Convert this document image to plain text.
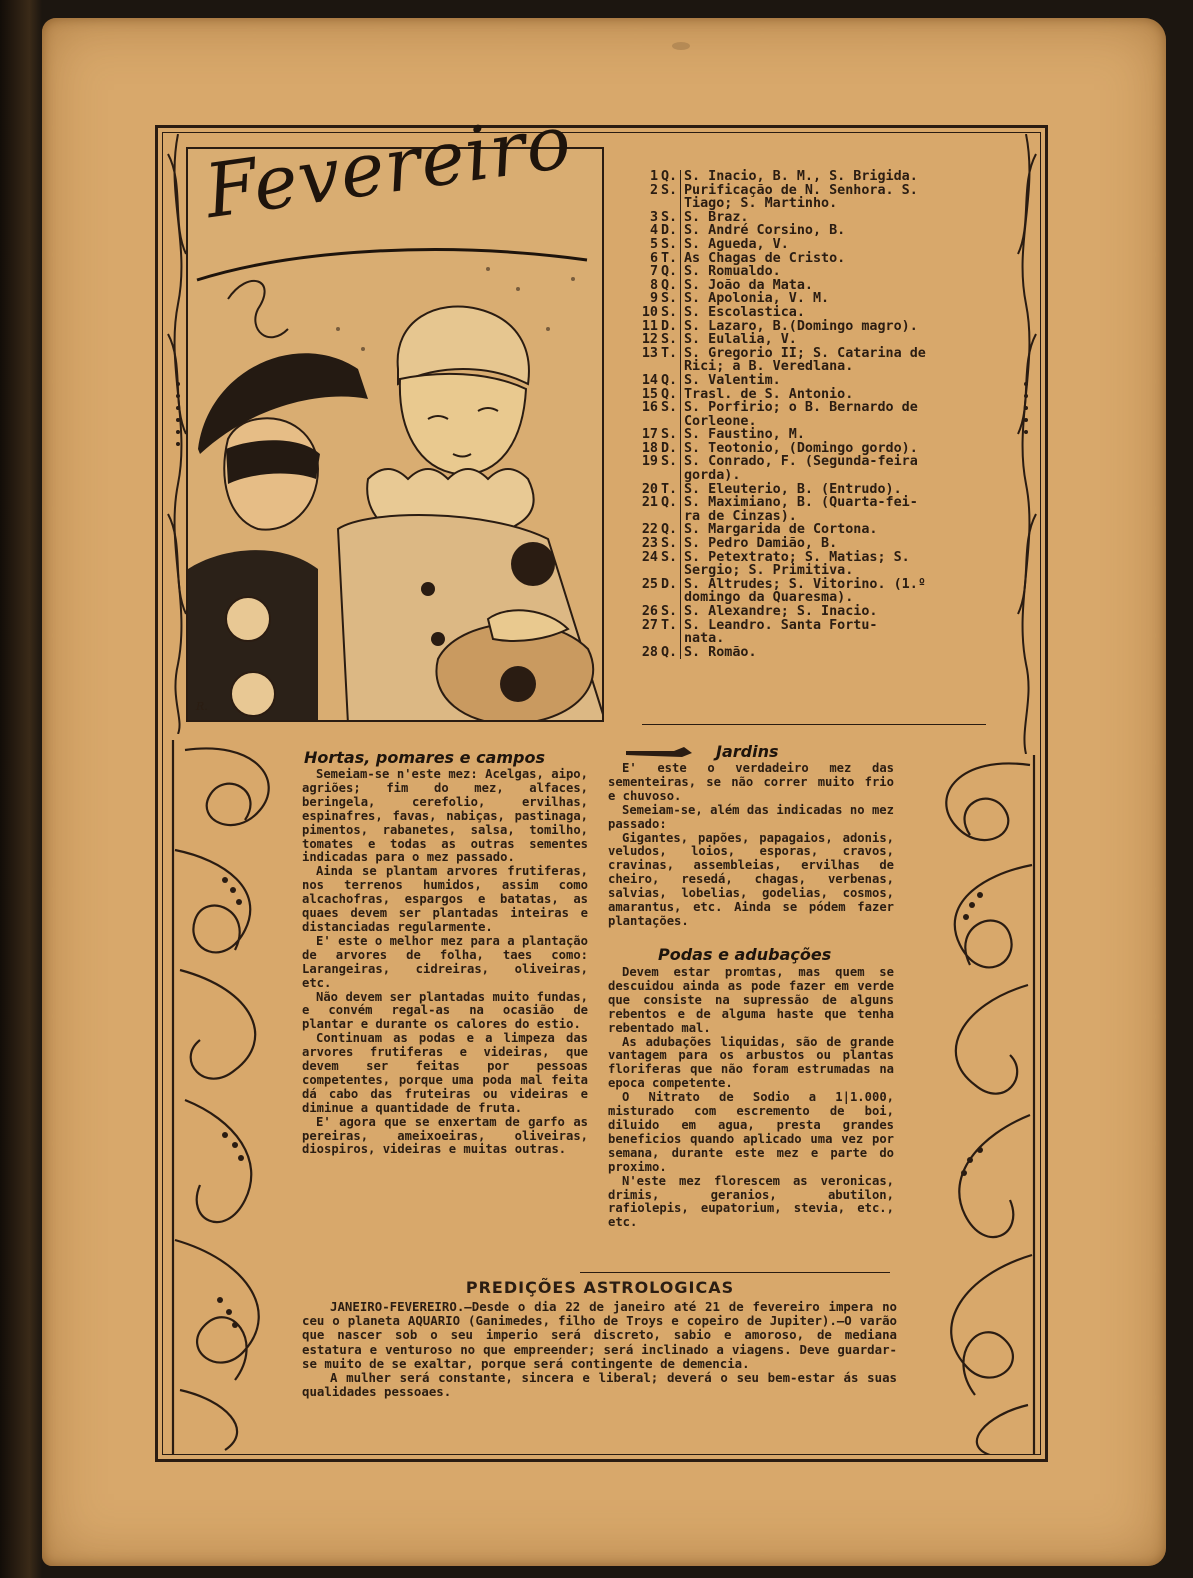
Fevereiro
R.
1 Q. S. Inacio, B. M., S. Brigida.
2 S. Purificação de N. Senhora. S.
Tiago; S. Martinho.
3 S. S. Braz.
4 D. S. André Corsino, B.
5 S. S. Agueda, V.
6 T. As Chagas de Cristo.
7 Q. S. Romualdo.
8 Q. S. João da Mata.
9 S. S. Apolonia, V. M.
10 S. S. Escolastica.
11 D. S. Lazaro, B.(Domingo magro).
12 S. S. Eulalia, V.
13 T. S. Gregorio II; S. Catarina de
Rici; a B. Veredlana.
14 Q. S. Valentim.
15 Q. Trasl. de S. Antonio.
16 S. S. Porfirio; o B. Bernardo de
Corleone.
17 S. S. Faustino, M.
18 D. S. Teotonio, (Domingo gordo).
19 S. S. Conrado, F. (Segunda-feira
gorda).
20 T. S. Eleuterio, B. (Entrudo).
21 Q. S. Maximiano, B. (Quarta-fei-
ra de Cinzas).
22 Q. S. Margarida de Cortona.
23 S. S. Pedro Damião, B.
24 S. S. Petextrato; S. Matias; S.
Sergio; S. Primitiva.
25 D. S. Altrudes; S. Vitorino. (1.º
domingo da Quaresma).
26 S. S. Alexandre; S. Inacio.
27 T. S. Leandro. Santa Fortu-
nata.
28 Q. S. Romão.
Hortas, pomares e campos

Semeiam-se n'este mez: Acelgas, aipo, agriões; fim do mez, alfaces, beringela, cerefolio, ervilhas, espinafres, favas, nabiças, pastinaga, pimentos, rabanetes, salsa, tomilho, tomates e todas as outras sementes indicadas para o mez passado.

Ainda se plantam arvores frutiferas, nos terrenos humidos, assim como alcachofras, espargos e batatas, as quaes devem ser plantadas inteiras e distanciadas regularmente.

E' este o melhor mez para a plantação de arvores de folha, taes como: Larangeiras, cidreiras, oliveiras, etc.

Não devem ser plantadas muito fundas, e convém regal-as na ocasião de plantar e durante os calores do estio.

Continuam as podas e a limpeza das arvores frutiferas e videiras, que devem ser feitas por pessoas competentes, porque uma poda mal feita dá cabo das fruteiras ou videiras e diminue a quantidade de fruta.

E' agora que se enxertam de garfo as pereiras, ameixoeiras, oliveiras, diospiros, videiras e muitas outras.

Jardins

E' este o verdadeiro mez das sementeiras, se não correr muito frio e chuvoso.

Semeiam-se, além das indicadas no mez passado:

Gigantes, papões, papagaios, adonis, veludos, loios, esporas, cravos, cravinas, assembleias, ervilhas de cheiro, resedá, chagas, verbenas, salvias, lobelias, godelias, cosmos, amarantus, etc. Ainda se pódem fazer plantações.

Podas e adubações

Devem estar promtas, mas quem se descuidou ainda as pode fazer em verde que consiste na supressão de alguns rebentos e de alguma haste que tenha rebentado mal.

As adubações liquidas, são de grande vantagem para os arbustos ou plantas floriferas que não foram estrumadas na epoca competente.

O Nitrato de Sodio a 1|1.000, misturado com escremento de boi, diluido em agua, presta grandes beneficios quando aplicado uma vez por semana, durante este mez e parte do proximo.

N'este mez florescem as veronicas, drimis, geranios, abutilon, rafiolepis, eupatorium, stevia, etc., etc.

PREDIÇÕES ASTROLOGICAS

JANEIRO-FEVEREIRO.—Desde o dia 22 de janeiro até 21 de fevereiro impera no ceu o planeta AQUARIO (Ganimedes, filho de Troys e copeiro de Jupiter).—O varão que nascer sob o seu imperio será discreto, sabio e amoroso, de mediana estatura e venturoso no que empreender; será inclinado a viagens. Deve guardar-se muito de se exaltar, porque será contingente de demencia.

A mulher será constante, sincera e liberal; deverá o seu bem-estar ás suas qualidades pessoaes.
